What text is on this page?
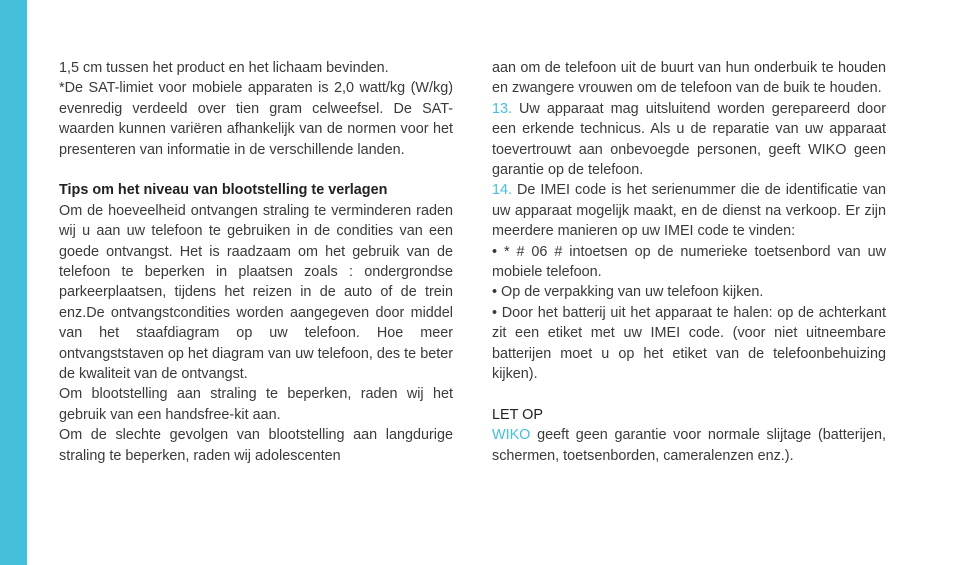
1,5 cm tussen het product en het lichaam bevinden.

*De SAT-limiet voor mobiele apparaten is 2,0 watt/kg (W/kg) evenredig verdeeld over tien gram celweefsel. De SAT-waarden kunnen variëren afhankelijk van de normen voor het presenteren van informatie in de verschillende landen.

Tips om het niveau van blootstelling te verlagen

Om de hoeveelheid ontvangen straling te verminderen raden wij u aan uw telefoon te gebruiken in de condities van een goede ontvangst. Het is raadzaam om het gebruik van de telefoon te beperken in plaatsen zoals : ondergrondse parkeerplaatsen, tijdens het reizen in de auto of de trein enz.De ontvangstcondities worden aangegeven door middel van het staafdiagram op uw telefoon. Hoe meer ontvangststaven op het diagram van uw telefoon, des te beter de kwaliteit van de ontvangst.

Om blootstelling aan straling te beperken, raden wij het gebruik van een handsfree-kit aan.

Om de slechte gevolgen van blootstelling aan langdurige straling te beperken, raden wij adolescenten

aan om de telefoon uit de buurt van hun onderbuik te houden en zwangere vrouwen om de telefoon van de buik te houden.

13. Uw apparaat mag uitsluitend worden gerepareerd door een erkende technicus. Als u de reparatie van uw apparaat toevertrouwt aan onbevoegde personen, geeft WIKO geen garantie op de telefoon.

14. De IMEI code is het serienummer die de identificatie van uw apparaat mogelijk maakt, en de dienst na verkoop. Er zijn meerdere manieren op uw IMEI code te vinden:

• * # 06 # intoetsen op de numerieke toetsenbord van uw mobiele telefoon.

• Op de verpakking van uw telefoon kijken.

• Door het batterij uit het apparaat te halen: op de achterkant zit een etiket met uw IMEI code. (voor niet uitneembare batterijen moet u op het etiket van de telefoonbehuizing kijken).

LET OP

WIKO geeft geen garantie voor normale slijtage (batterijen, schermen, toetsenborden, cameralenzen enz.).
